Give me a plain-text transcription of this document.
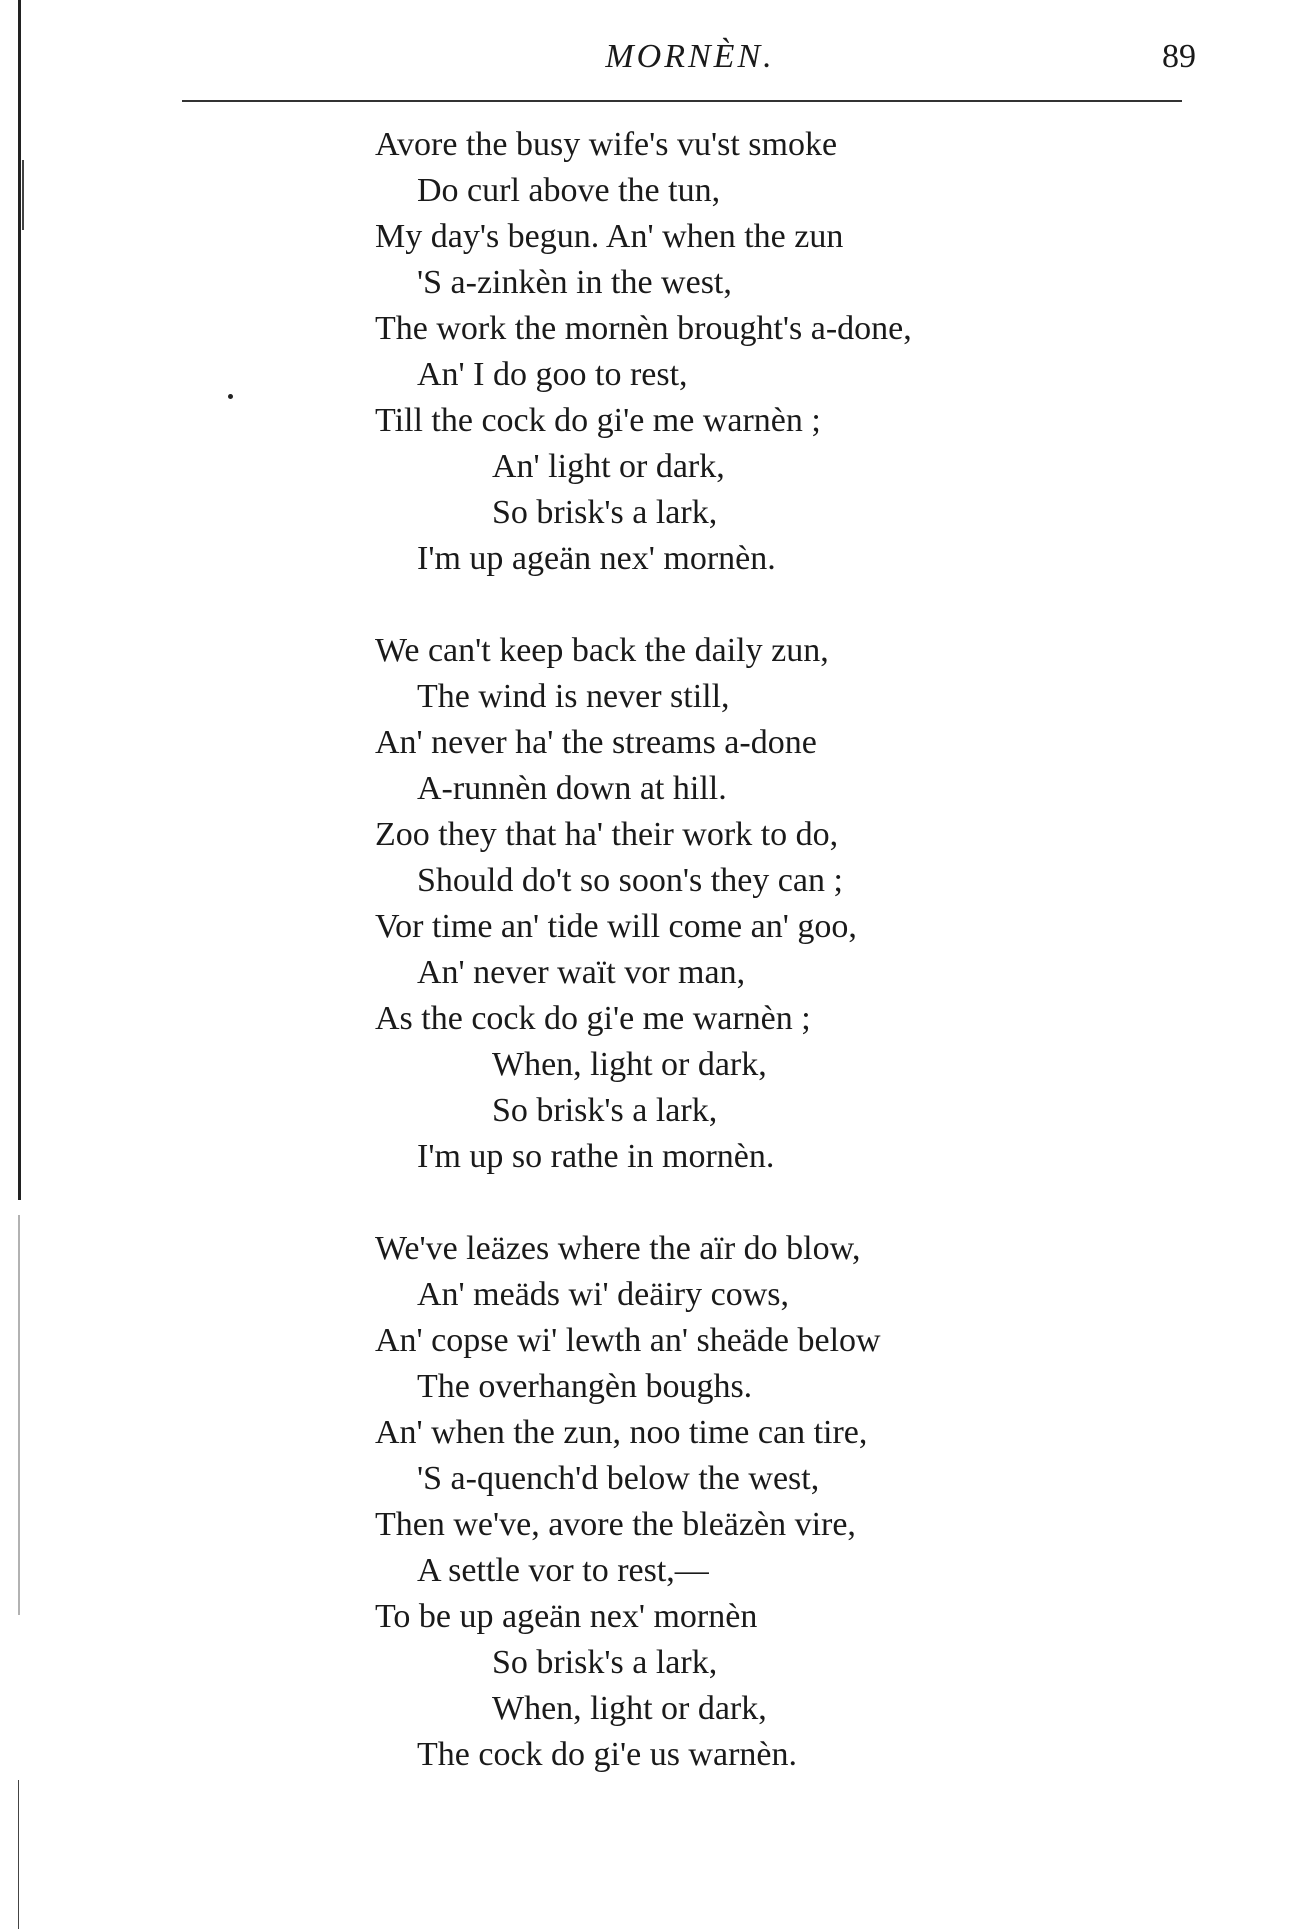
MORNÈN.	89
Avore the busy wife's vu'st smoke
Do curl above the tun,
My day's begun. An' when the zun
'S a-zinkèn in the west,
The work the mornèn brought's a-done,
An' I do goo to rest,
Till the cock do gi'e me warnèn ;
An' light or dark,
So brisk's a lark,
I'm up ageän nex' mornèn.
We can't keep back the daily zun,
The wind is never still,
An' never ha' the streams a-done
A-runnèn down at hill.
Zoo they that ha' their work to do,
Should do't so soon's they can ;
Vor time an' tide will come an' goo,
An' never waït vor man,
As the cock do gi'e me warnèn ;
When, light or dark,
So brisk's a lark,
I'm up so rathe in mornèn.
We've leäzes where the aïr do blow,
An' meäds wi' deäiry cows,
An' copse wi' lewth an' sheäde below
The overhangèn boughs.
An' when the zun, noo time can tire,
'S a-quench'd below the west,
Then we've, avore the bleäzèn vire,
A settle vor to rest,—
To be up ageän nex' mornèn
So brisk's a lark,
When, light or dark,
The cock do gi'e us warnèn.
